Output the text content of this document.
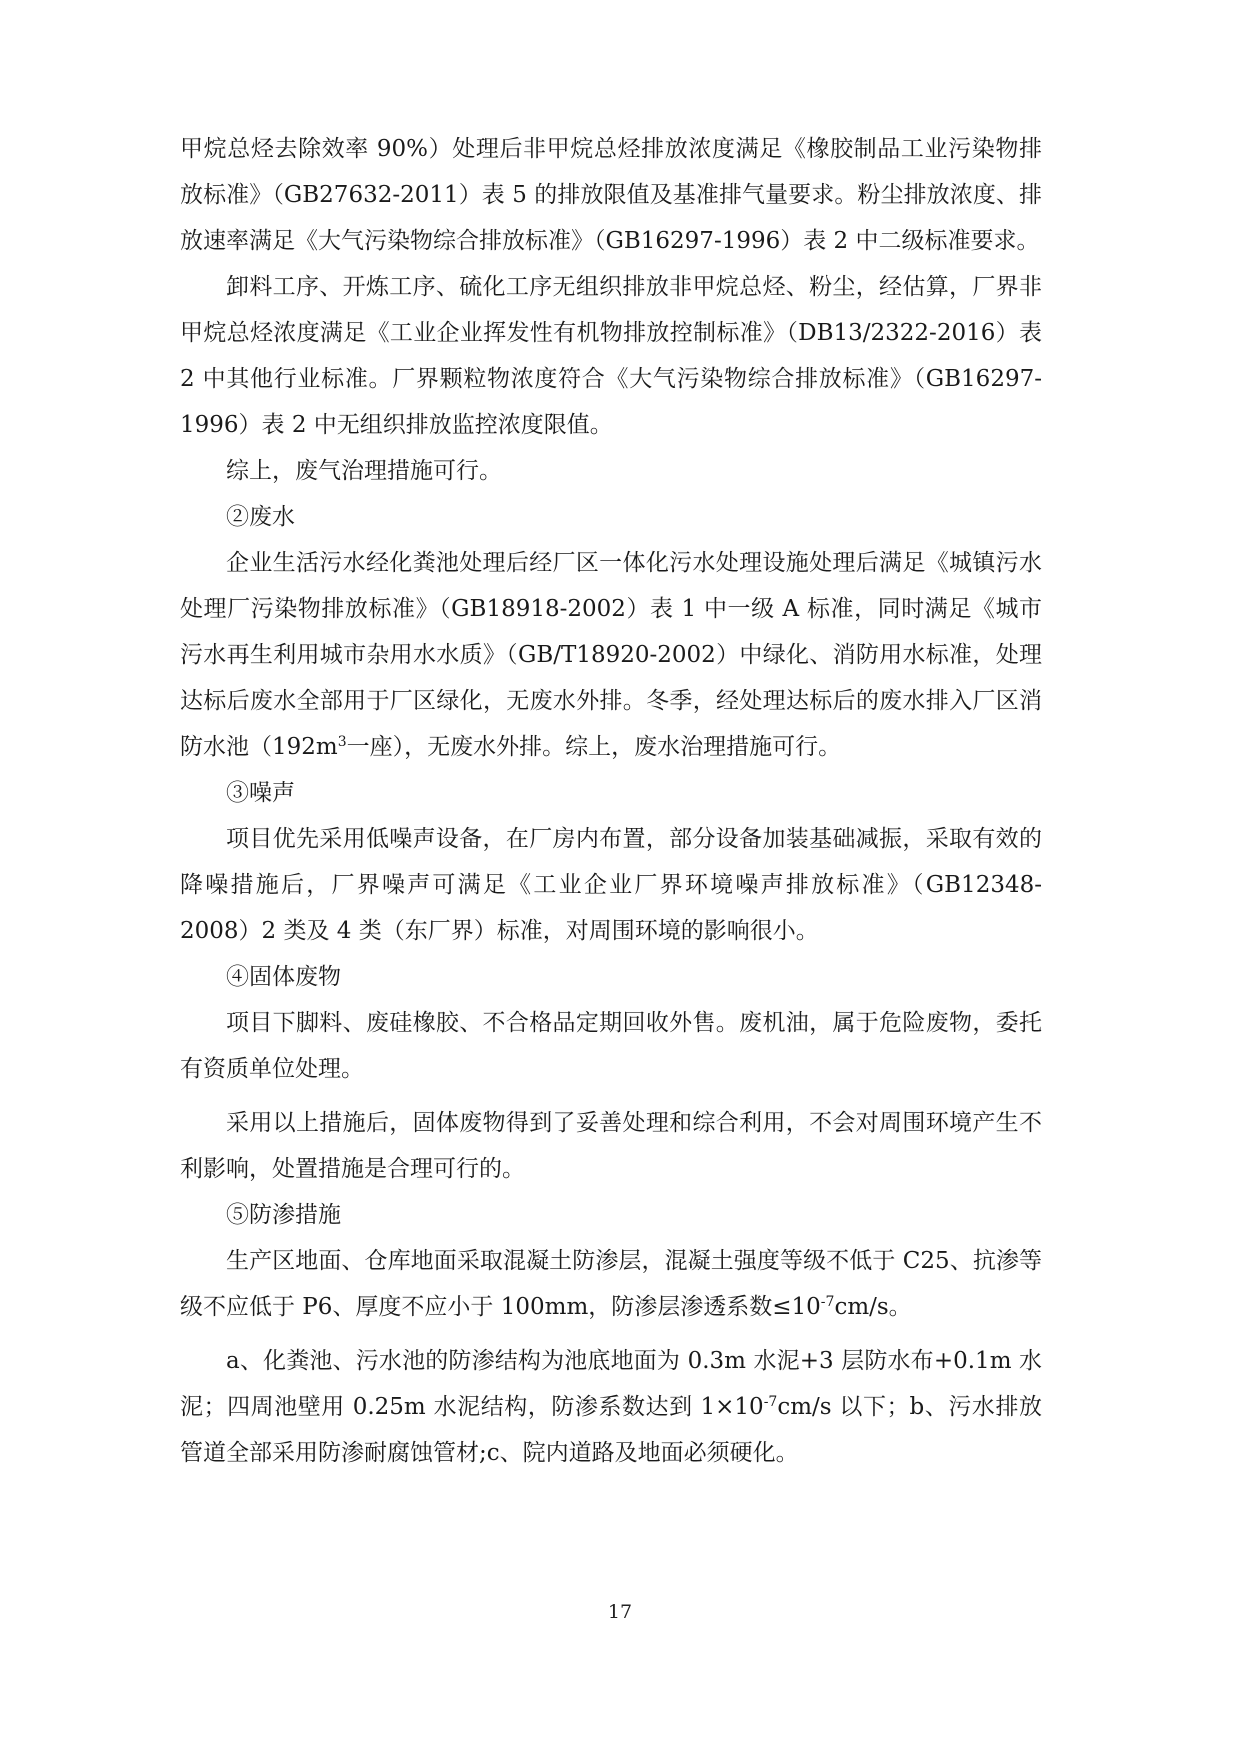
甲烷总烃去除效率 90%）处理后非甲烷总烃排放浓度满足《橡胶制品工业污染物排放标准》（GB27632-2011）表 5 的排放限值及基准排气量要求。粉尘排放浓度、排放速率满足《大气污染物综合排放标准》（GB16297-1996）表 2 中二级标准要求。

卸料工序、开炼工序、硫化工序无组织排放非甲烷总烃、粉尘，经估算，厂界非甲烷总烃浓度满足《工业企业挥发性有机物排放控制标准》（DB13/2322-2016）表 2 中其他行业标准。厂界颗粒物浓度符合《大气污染物综合排放标准》（GB16297-1996）表 2 中无组织排放监控浓度限值。

综上，废气治理措施可行。

②废水

企业生活污水经化粪池处理后经厂区一体化污水处理设施处理后满足《城镇污水处理厂污染物排放标准》（GB18918-2002）表 1 中一级 A 标准，同时满足《城市污水再生利用城市杂用水水质》（GB/T18920-2002）中绿化、消防用水标准，处理达标后废水全部用于厂区绿化，无废水外排。冬季，经处理达标后的废水排入厂区消防水池（$192m^3$一座），无废水外排。综上，废水治理措施可行。

③噪声

项目优先采用低噪声设备，在厂房内布置，部分设备加装基础减振，采取有效的降噪措施后，厂界噪声可满足《工业企业厂界环境噪声排放标准》（GB12348-2008）2 类及 4 类（东厂界）标准，对周围环境的影响很小。

④固体废物

项目下脚料、废硅橡胶、不合格品定期回收外售。废机油，属于危险废物，委托有资质单位处理。

采用以上措施后，固体废物得到了妥善处理和综合利用，不会对周围环境产生不利影响，处置措施是合理可行的。

⑤防渗措施

生产区地面、仓库地面采取混凝土防渗层，混凝土强度等级不低于 C25、抗渗等级不应低于 P6、厚度不应小于 100mm，防渗层渗透系数$\le 10^{-7}cm/s$。

a、化粪池、污水池的防渗结构为池底地面为 0.3m 水泥+3 层防水布+0.1m 水泥；四周池壁用 0.25m 水泥结构，防渗系数达到 $1\times 10^{-7}cm/s$ 以下；b、污水排放管道全部采用防渗耐腐蚀管材;c、院内道路及地面必须硬化。

17
